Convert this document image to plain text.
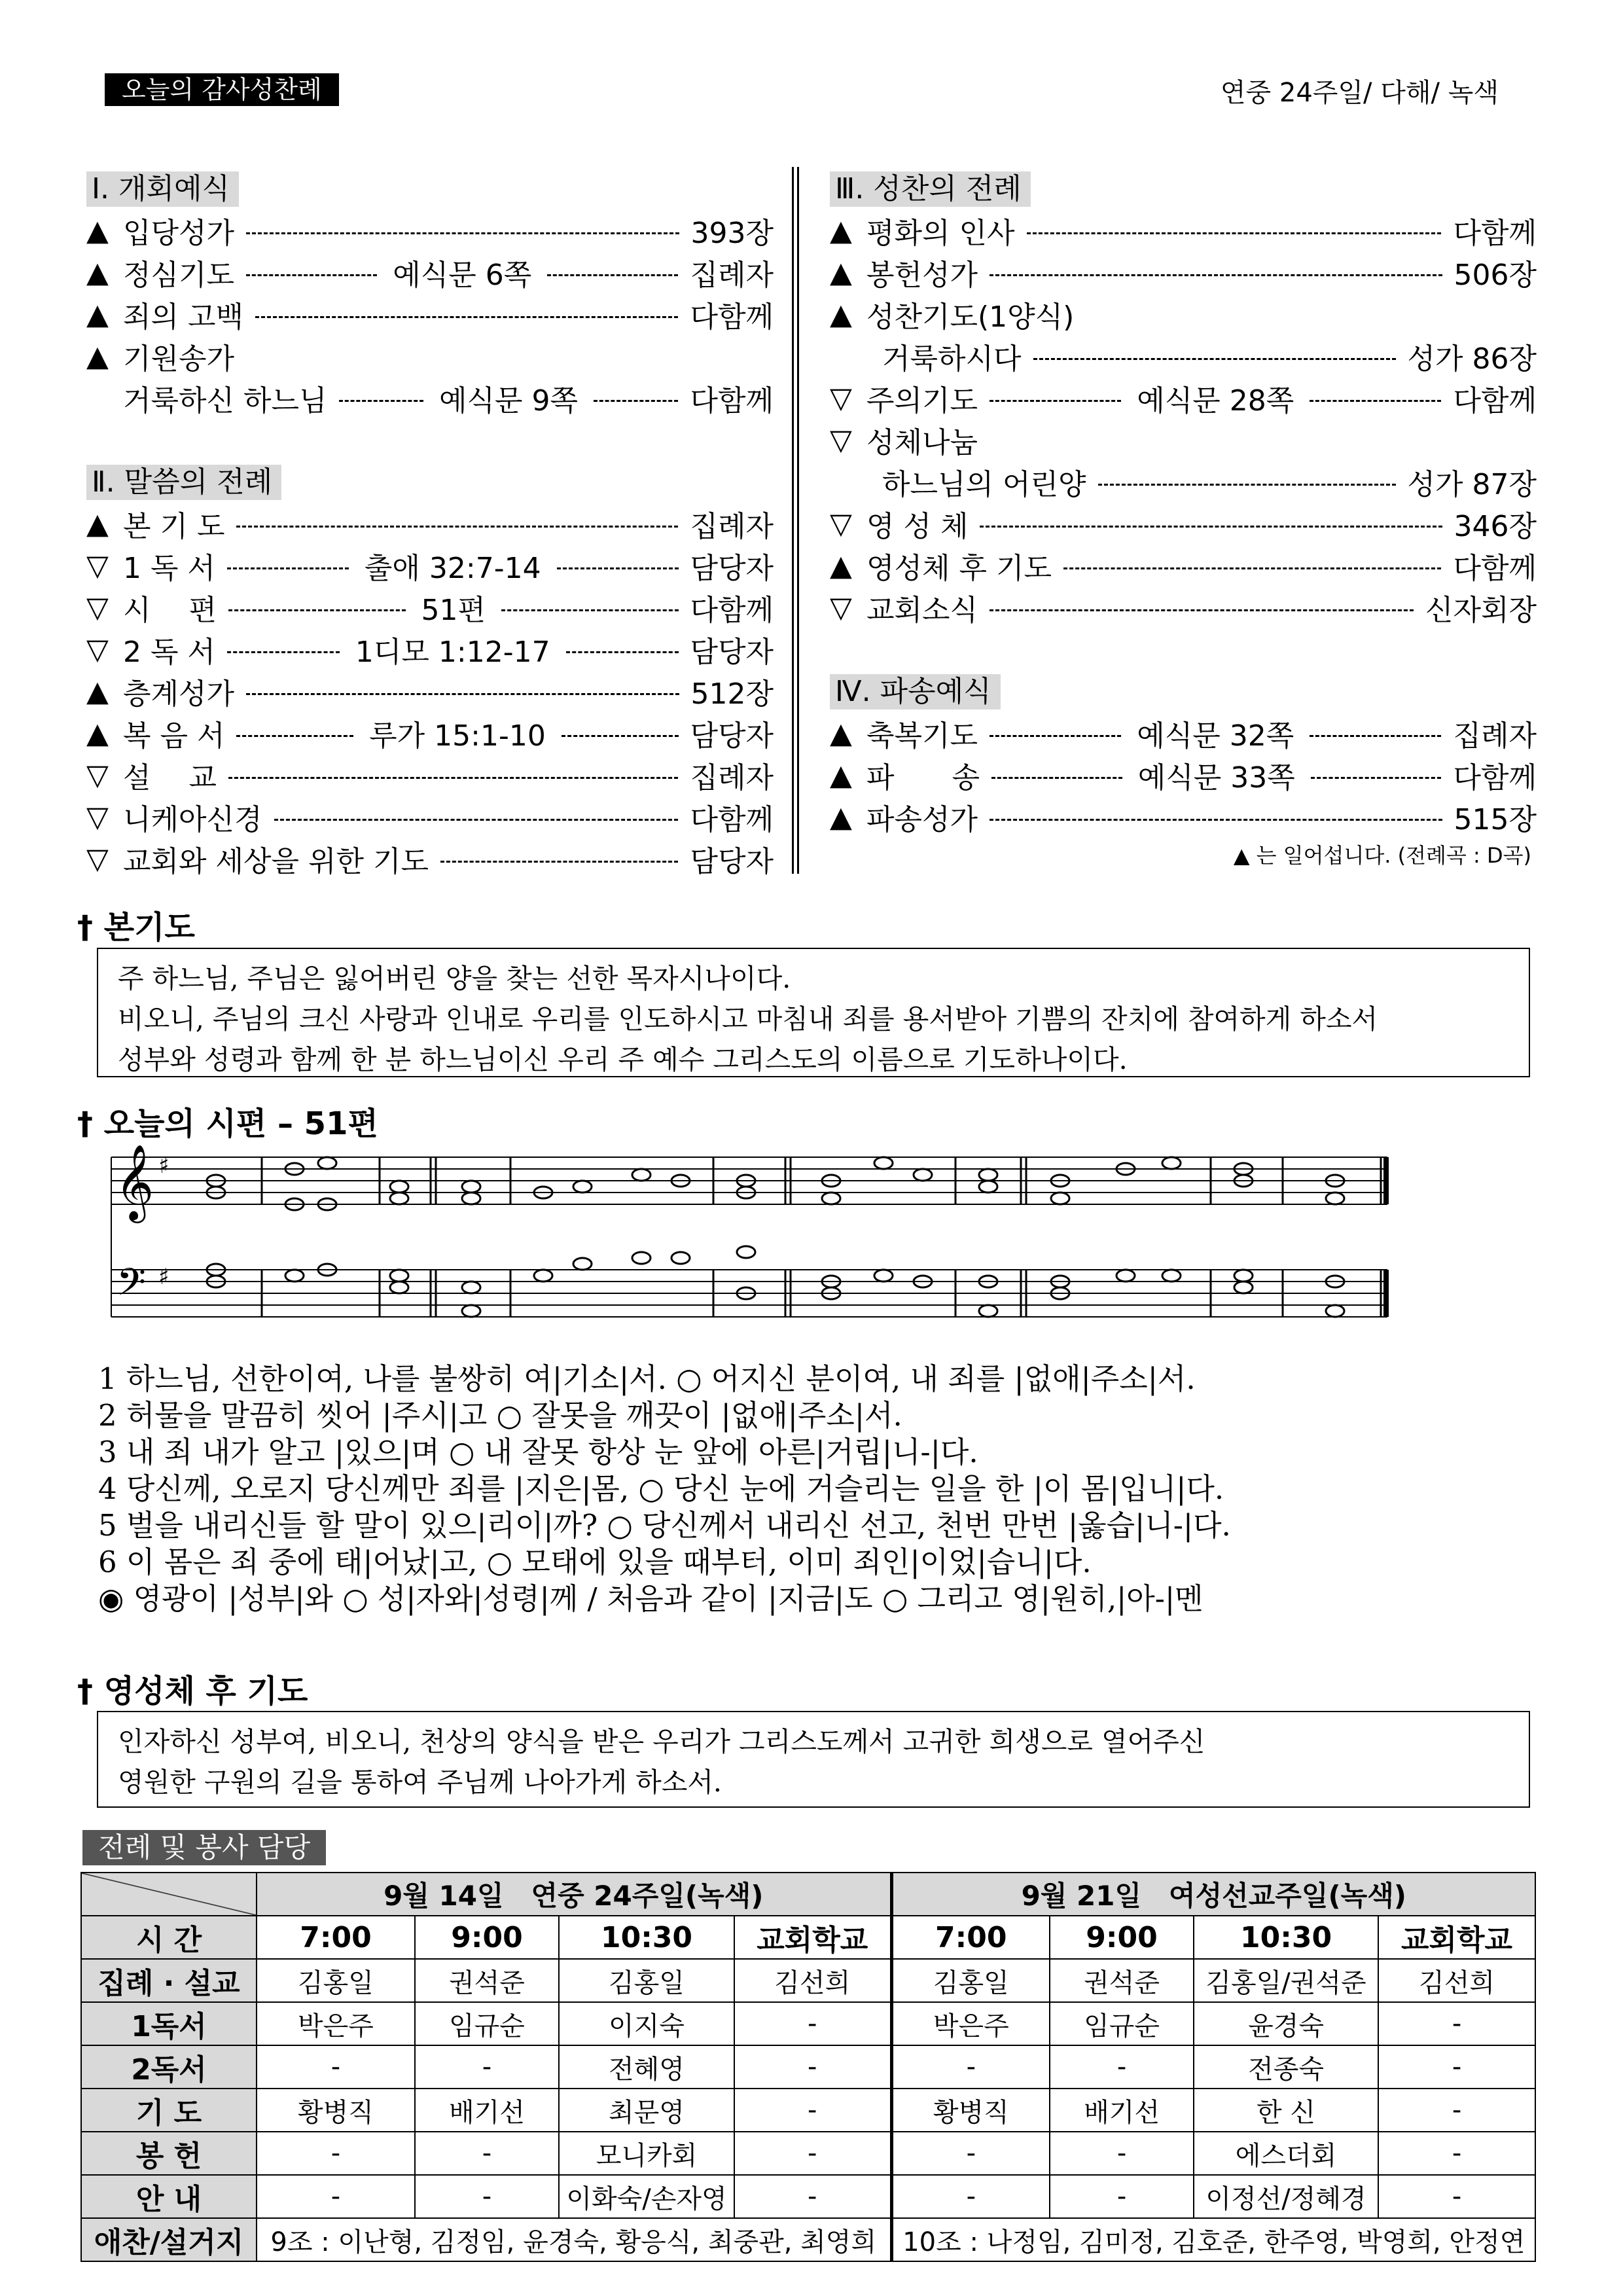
오늘의 감사성찬례	연중 24주일/ 다해/ 녹색
Ⅰ. 개회예식
▲ 입당성가	393장
▲ 정심기도	예식문 6쪽	집례자
▲ 죄의 고백	다함께
▲ 기원송가
거룩하신 하느님	예식문 9쪽	다함께
Ⅱ. 말씀의 전례
▲ 본 기 도	집례자
▽ 1 독 서	출애 32:7-14	담당자
▽ 시　 편	51편	다함께
▽ 2 독 서	1디모 1:12-17	담당자
▲ 층계성가	512장
▲ 복 음 서	루가 15:1-10	담당자
▽ 설　 교	집례자
▽ 니케아신경	다함께
▽ 교회와 세상을 위한 기도	담당자
Ⅲ. 성찬의 전례
▲ 평화의 인사	다함께
▲ 봉헌성가	506장
▲ 성찬기도(1양식)
거룩하시다	성가 86장
▽ 주의기도	예식문 28쪽	다함께
▽ 성체나눔
하느님의 어린양	성가 87장
▽ 영 성 체	346장
▲ 영성체 후 기도	다함께
▽ 교회소식	신자회장
Ⅳ. 파송예식
▲ 축복기도	예식문 32쪽	집례자
▲ 파　　송	예식문 33쪽	다함께
▲ 파송성가	515장
▲ 는 일어섭니다. (전례곡 : D곡)
† 본기도
주 하느님, 주님은 잃어버린 양을 찾는 선한 목자시나이다.
비오니, 주님의 크신 사랑과 인내로 우리를 인도하시고 마침내 죄를 용서받아 기쁨의 잔치에 참여하게 하소서
성부와 성령과 함께 한 분 하느님이신 우리 주 예수 그리스도의 이름으로 기도하나이다.
† 오늘의 시편 – 51편
𝄞 ♯
𝄢 ♯
1 하느님, 선한이여, 나를 불쌍히 여|기소|서. ○ 어지신 분이여, 내 죄를 |없애|주소|서.
2 허물을 말끔히 씻어 |주시|고 ○ 잘못을 깨끗이 |없애|주소|서.
3 내 죄 내가 알고 |있으|며 ○ 내 잘못 항상 눈 앞에 아른|거립|니-|다.
4 당신께, 오로지 당신께만 죄를 |지은|몸, ○ 당신 눈에 거슬리는 일을 한 |이 몸|입니|다.
5 벌을 내리신들 할 말이 있으|리이|까? ○ 당신께서 내리신 선고, 천번 만번 |옳습|니-|다.
6 이 몸은 죄 중에 태|어났|고, ○ 모태에 있을 때부터, 이미 죄인|이었|습니|다.
◉ 영광이 |성부|와 ○ 성|자와|성령|께 / 처음과 같이 |지금|도 ○ 그리고 영|원히,|아-|멘
† 영성체 후 기도
인자하신 성부여, 비오니, 천상의 양식을 받은 우리가 그리스도께서 고귀한 희생으로 열어주신
영원한 구원의 길을 통하여 주님께 나아가게 하소서.
전례 및 봉사 담당
	9월 14일　연중 24주일(녹색)				9월 21일　여성선교주일(녹색)			
시 간	7:00	9:00	10:30	교회학교	7:00	9:00	10:30	교회학교
집례 · 설교	김홍일	권석준	김홍일	김선희	김홍일	권석준	김홍일/권석준	김선희
1독서	박은주	임규순	이지숙	-	박은주	임규순	윤경숙	-
2독서	-	-	전혜영	-	-	-	전종숙	-
기 도	황병직	배기선	최문영	-	황병직	배기선	한 신	-
봉 헌	-	-	모니카회	-	-	-	에스더회	-
안 내	-	-	이화숙/손자영	-	-	-	이정선/정혜경	-
애찬/설거지	9조 : 이난형, 김정임, 윤경숙, 황응식, 최중관, 최영희				10조 : 나정임, 김미정, 김호준, 한주영, 박영희, 안정연			
